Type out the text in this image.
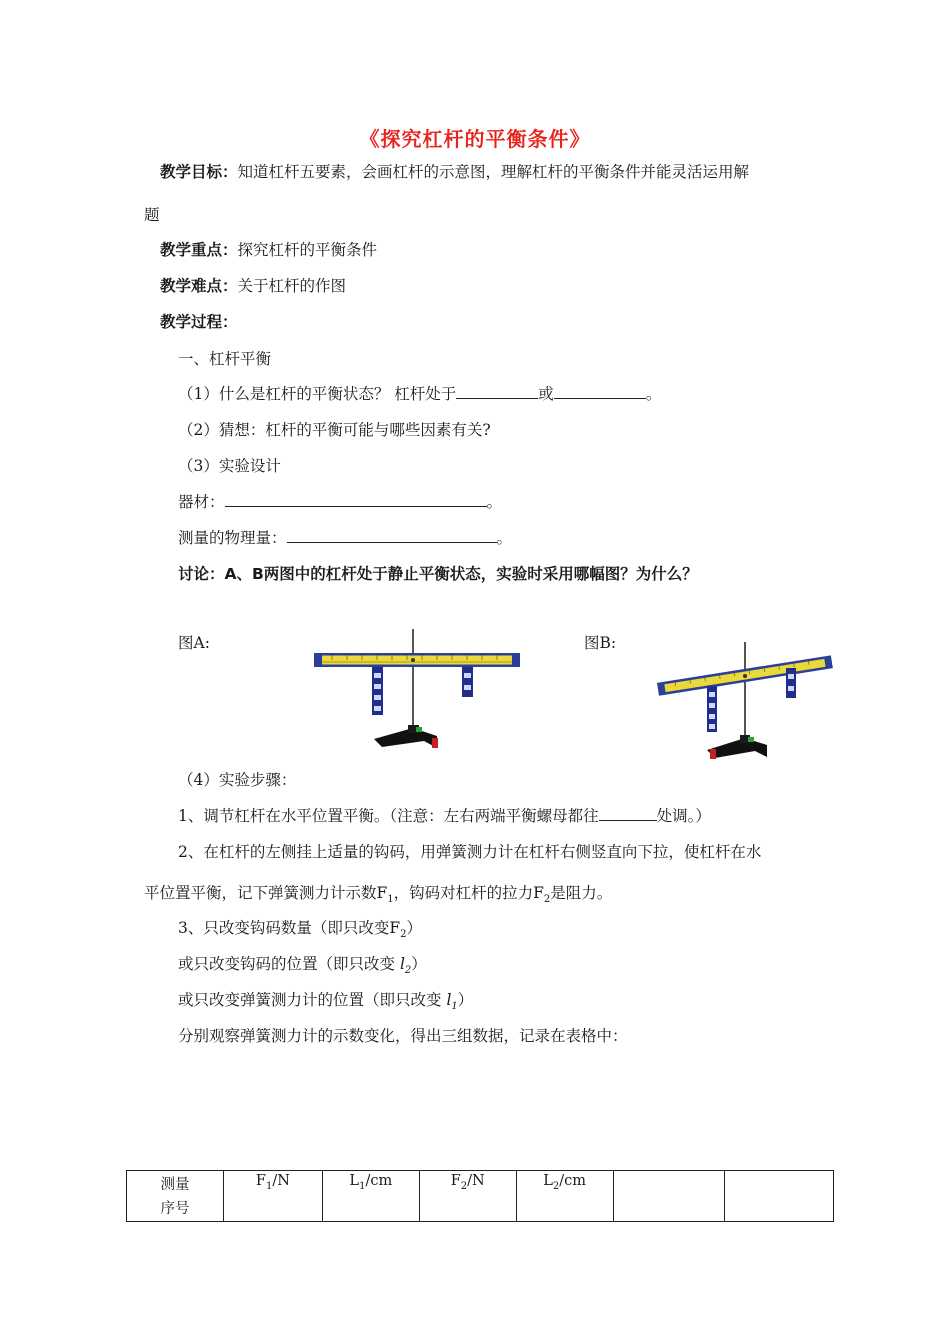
《探究杠杆的平衡条件》
教学目标：知道杠杆五要素，会画杠杆的示意图，理解杠杆的平衡条件并能灵活运用解
题
教学重点：探究杠杆的平衡条件
教学难点：关于杠杆的作图
教学过程：
一、杠杆平衡
（1）什么是杠杆的平衡状态？ 杠杆处于	或	。
（2）猜想：杠杆的平衡可能与哪些因素有关?
（3）实验设计
器材：	。
测量的物理量：	。
讨论：A、B两图中的杠杆处于静止平衡状态，实验时采用哪幅图？为什么？
图A:	图B:
（4）实验步骤：
1、调节杠杆在水平位置平衡。（注意：左右两端平衡螺母都往	处调。）
2、在杠杆的左侧挂上适量的钩码，用弹簧测力计在杠杆右侧竖直向下拉，使杠杆在水
平位置平衡，记下弹簧测力计示数$F_1$，钩码对杠杆的拉力$F_2$是阻力。
3、只改变钩码数量（即只改变$F_2$）
或只改变钩码的位置（即只改变 $l_2$）
或只改变弹簧测力计的位置（即只改变 $l_1$）
分别观察弹簧测力计的示数变化，得出三组数据，记录在表格中：
测量
序号
	$F_1/N$	$L_1/cm$	$F_2/N$	$L_2/cm$		
